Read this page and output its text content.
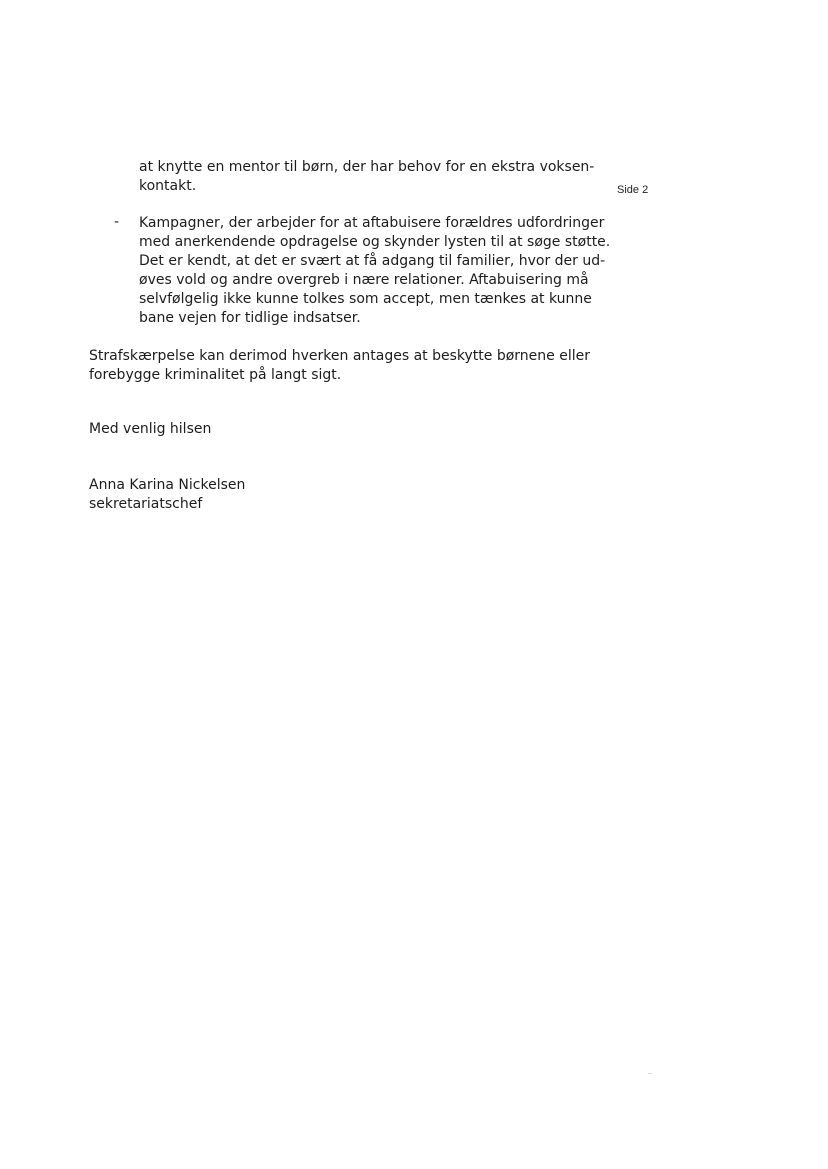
Side 2
at knytte en mentor til børn, der har behov for en ekstra voksen-
kontakt.
- Kampagner, der arbejder for at aftabuisere forældres udfordringer
med anerkendende opdragelse og skynder lysten til at søge støtte.
Det er kendt, at det er svært at få adgang til familier, hvor der ud-
øves vold og andre overgreb i nære relationer. Aftabuisering må
selvfølgelig ikke kunne tolkes som accept, men tænkes at kunne
bane vejen for tidlige indsatser.
Strafskærpelse kan derimod hverken antages at beskytte børnene eller
forebygge kriminalitet på langt sigt.
Med venlig hilsen
Anna Karina Nickelsen
sekretariatschef
